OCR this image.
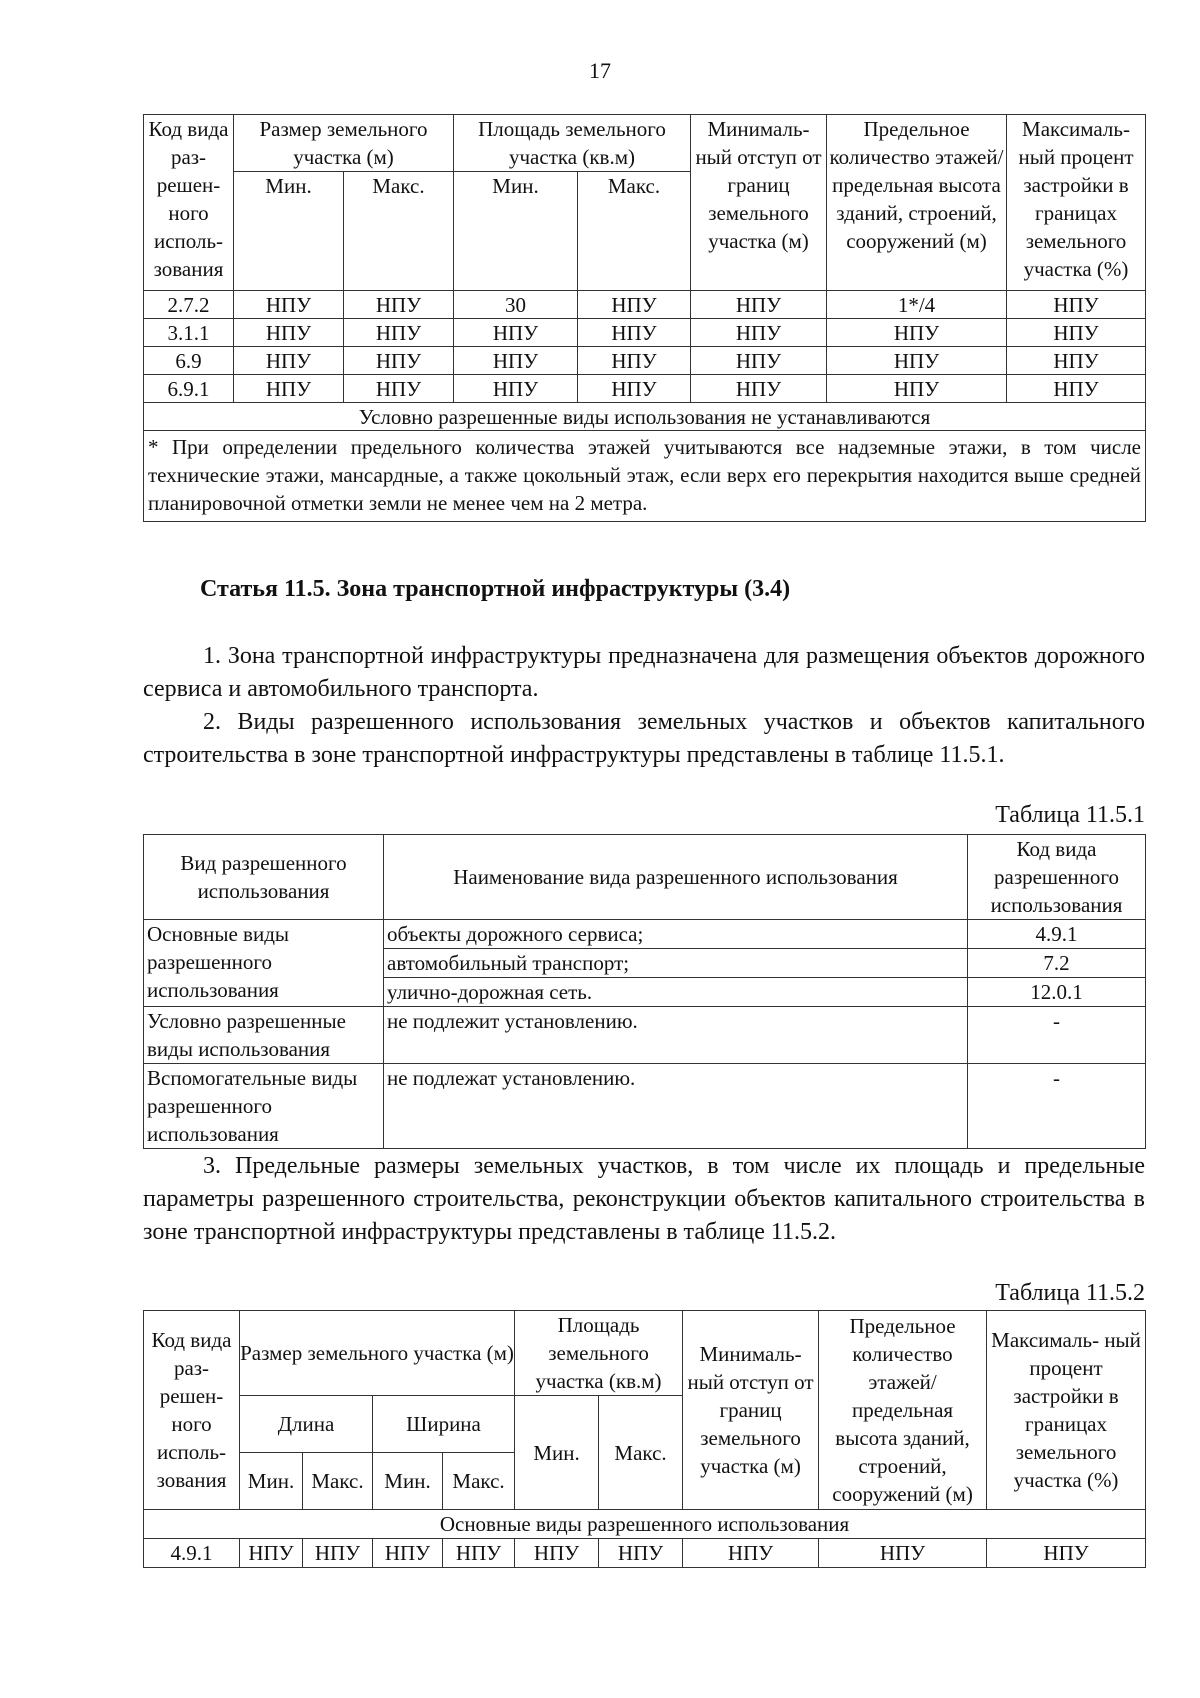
17
Код вида раз- решен- ного исполь- зования	Размер земельного участка (м)		Площадь земельного участка (кв.м)		Минималь- ный отступ от границ земельного участка (м)	Предельное количество этажей/ предельная высота зданий, строений, сооружений (м)	Максималь- ный процент застройки в границах земельного участка (%)
	Мин.	Макс.	Мин.	Макс.			
2.7.2	НПУ	НПУ	30	НПУ	НПУ	1*/4	НПУ
3.1.1	НПУ	НПУ	НПУ	НПУ	НПУ	НПУ	НПУ
6.9	НПУ	НПУ	НПУ	НПУ	НПУ	НПУ	НПУ
6.9.1	НПУ	НПУ	НПУ	НПУ	НПУ	НПУ	НПУ
Условно разрешенные виды использования не устанавливаются							
* При определении предельного количества этажей учитываются все надземные этажи, в том числе технические этажи, мансардные, а также цокольный этаж, если верх его перекрытия находится выше средней планировочной отметки земли не менее чем на 2 метра.							
Статья 11.5. Зона транспортной инфраструктуры (3.4)
1. Зона транспортной инфраструктуры предназначена для размещения объектов дорожного сервиса и автомобильного транспорта.
2. Виды разрешенного использования земельных участков и объектов капитального строительства в зоне транспортной инфраструктуры представлены в таблице 11.5.1.
Таблица 11.5.1
Вид разрешенного использования	Наименование вида разрешенного использования	Код вида разрешенного использования
Основные виды разрешенного использования	объекты дорожного сервиса;	4.9.1
	автомобильный транспорт;	7.2
	улично-дорожная сеть.	12.0.1
Условно разрешенные виды использования	не подлежит установлению.	-
Вспомогательные виды разрешенного использования	не подлежат установлению.	-
3. Предельные размеры земельных участков, в том числе их площадь и предельные параметры разрешенного строительства, реконструкции объектов капитального строительства в зоне транспортной инфраструктуры представлены в таблице 11.5.2.
Таблица 11.5.2
Код вида раз- решен- ного исполь- зования	Размер земельного участка (м)				Площадь земельного участка (кв.м)		Минималь- ный отступ от границ земельного участка (м)	Предельное количество этажей/ предельная высота зданий, строений, сооружений (м)	Максималь- ный процент застройки в границах земельного участка (%)
	Длина		Ширина		Мин.	Макс.			
	Мин.	Макс.	Мин.	Макс.					
Основные виды разрешенного использования									
4.9.1	НПУ	НПУ	НПУ	НПУ	НПУ	НПУ	НПУ	НПУ	НПУ
